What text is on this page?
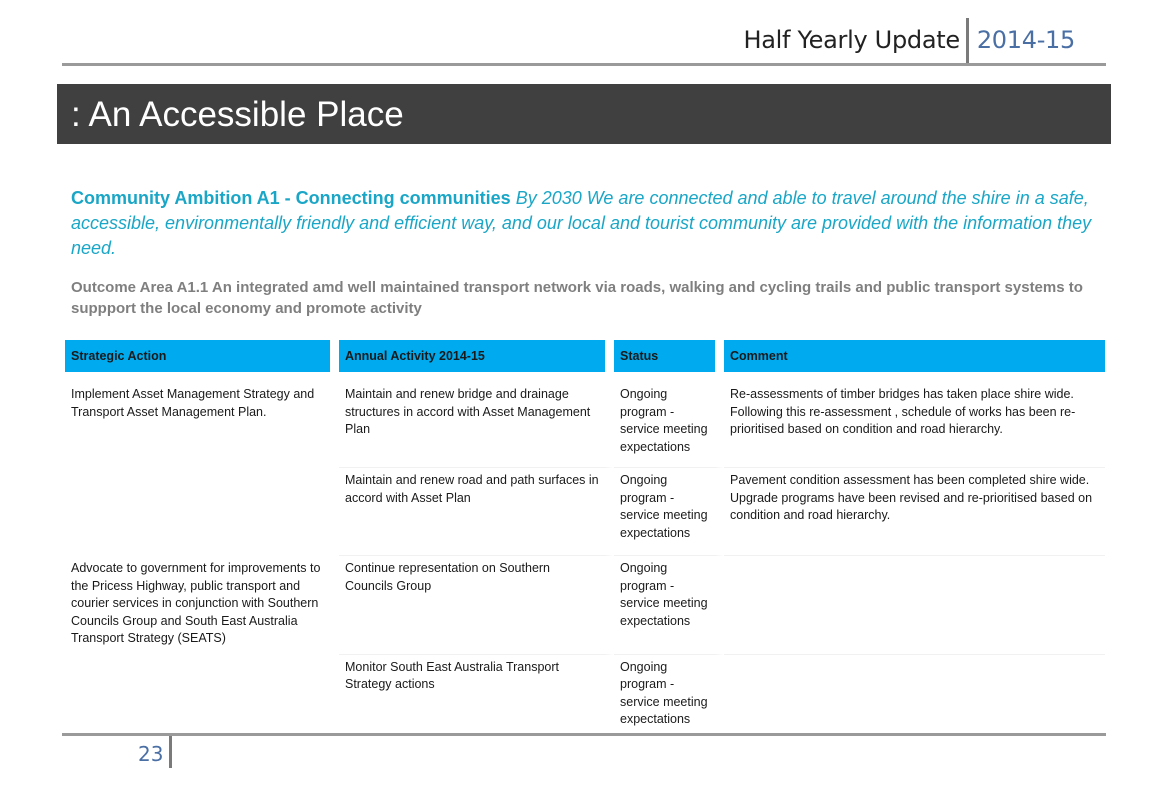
Half Yearly Update 2014-15
: An Accessible Place
Community Ambition A1 - Connecting communities By 2030 We are connected and able to travel around the shire in a safe, accessible, environmentally friendly and efficient way, and our local and tourist community are provided with the information they need.
Outcome Area A1.1 An integrated amd well maintained transport network via roads, walking and cycling trails and public transport systems to suppport the local economy and promote activity
Strategic Action	Annual Activity 2014-15	Status	Comment

Implement Asset Management Strategy and Transport Asset Management Plan.	Maintain and renew bridge and drainage structures in accord with Asset Management Plan	Ongoing program - service meeting expectations	Re-assessments of timber bridges has taken place shire wide. Following this re-assessment , schedule of works has been re-prioritised based on condition and road hierarchy.
	Maintain and renew road and path surfaces in accord with Asset Plan	Ongoing program - service meeting expectations	Pavement condition assessment has been completed shire wide. Upgrade programs have been revised and re-prioritised based on condition and road hierarchy.
Advocate to government for improvements to the Pricess Highway, public transport and courier services in conjunction with Southern Councils Group and South East Australia Transport Strategy (SEATS)	Continue representation on Southern Councils Group	Ongoing program - service meeting expectations	
	Monitor South East Australia Transport Strategy actions	Ongoing program - service meeting expectations	
23
